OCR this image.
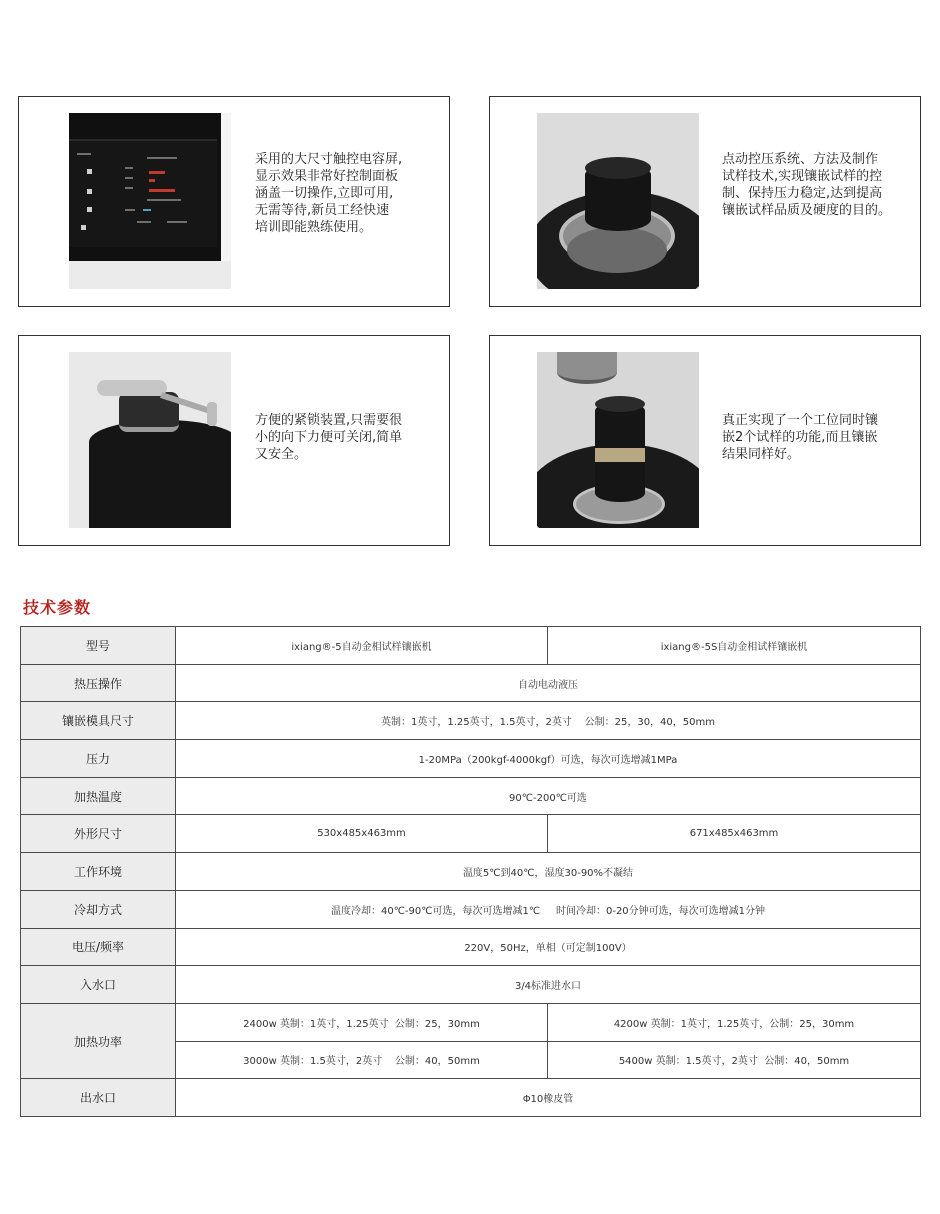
采用的大尺寸触控电容屏,
显示效果非常好控制面板
涵盖一切操作,立即可用,
无需等待,新员工经快速
培训即能熟练使用。
点动控压系统、方法及制作
试样技术,实现镶嵌试样的控
制、保持压力稳定,达到提高
镶嵌试样品质及硬度的目的。
方便的紧锁装置,只需要很
小的向下力便可关闭,简单
又安全。
真正实现了一个工位同时镶
嵌2个试样的功能,而且镶嵌
结果同样好。
技术参数
型号	ixiang®-5自动金相试样镶嵌机	ixiang®-5S自动金相试样镶嵌机
热压操作	自动电动液压	
镶嵌模具尺寸	英制：1英寸，1.25英寸，1.5英寸，2英寸    公制：25，30，40，50mm	
压力	1-20MPa（200kgf-4000kgf）可选，每次可选增减1MPa	
加热温度	90℃-200℃可选	
外形尺寸	530x485x463mm	671x485x463mm
工作环境	温度5℃到40℃，湿度30-90%不凝结	
冷却方式	温度冷却：40℃-90℃可选，每次可选增减1℃     时间冷却：0-20分钟可选，每次可选增减1分钟	
电压/频率	220V，50Hz，单相（可定制100V）	
入水口	3/4标准进水口	
加热功率	2400w 英制：1英寸，1.25英寸  公制：25，30mm	4200w 英制：1英寸，1.25英寸，公制：25，30mm
	3000w 英制：1.5英寸，2英寸    公制：40，50mm	5400w 英制：1.5英寸，2英寸  公制：40，50mm
出水口	Φ10橡皮管	
